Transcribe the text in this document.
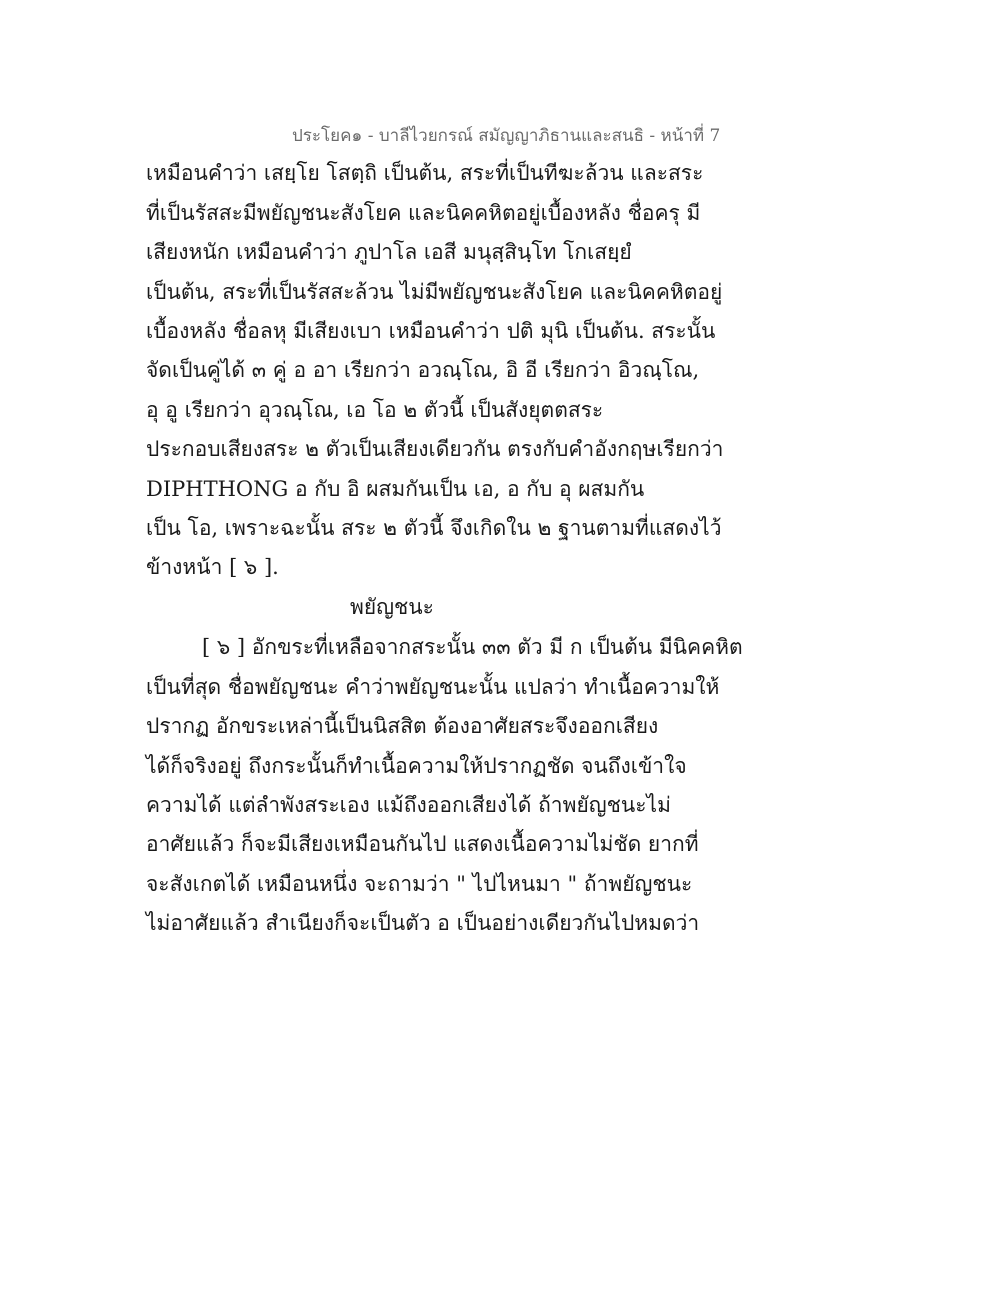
ประโยค๑ - บาลีไวยกรณ์ สมัญญาภิธานและสนธิ - หน้าที่ 7
เหมือนคำว่า เสยฺโย โสตฺถิ เป็นต้น, สระที่เป็นทีฆะล้วน และสระ
ที่เป็นรัสสะมีพยัญชนะสังโยค และนิคคหิตอยู่เบื้องหลัง ชื่อครุ มี
เสียงหนัก เหมือนคำว่า ภูปาโล เอสี มนุสฺสินฺโท โกเสยฺยํ
เป็นต้น, สระที่เป็นรัสสะล้วน ไม่มีพยัญชนะสังโยค และนิคคหิตอยู่
เบื้องหลัง ชื่อลหุ มีเสียงเบา เหมือนคำว่า ปติ มุนิ เป็นต้น. สระนั้น
จัดเป็นคู่ได้ ๓ คู่ อ อา เรียกว่า อวณฺโณ, อิ อี เรียกว่า อิวณฺโณ,
อุ อู เรียกว่า อุวณฺโณ, เอ โอ ๒ ตัวนี้ เป็นสังยุตตสระ
ประกอบเสียงสระ ๒ ตัวเป็นเสียงเดียวกัน ตรงกับคำอังกฤษเรียกว่า
DIPHTHONG อ กับ อิ ผสมกันเป็น เอ, อ กับ อุ ผสมกัน
เป็น โอ, เพราะฉะนั้น สระ ๒ ตัวนี้ จึงเกิดใน ๒ ฐานตามที่แสดงไว้
ข้างหน้า [ ๖ ].
พยัญชนะ
[ ๖ ] อักขระที่เหลือจากสระนั้น ๓๓ ตัว มี ก เป็นต้น มีนิคคหิต
เป็นที่สุด ชื่อพยัญชนะ คำว่าพยัญชนะนั้น แปลว่า ทำเนื้อความให้
ปรากฏ อักขระเหล่านี้เป็นนิสสิต ต้องอาศัยสระจึงออกเสียง
ได้ก็จริงอยู่ ถึงกระนั้นก็ทำเนื้อความให้ปรากฏชัด จนถึงเข้าใจ
ความได้ แต่ลำพังสระเอง แม้ถึงออกเสียงได้ ถ้าพยัญชนะไม่
อาศัยแล้ว ก็จะมีเสียงเหมือนกันไป แสดงเนื้อความไม่ชัด ยากที่
จะสังเกตได้ เหมือนหนึ่ง จะถามว่า " ไปไหนมา " ถ้าพยัญชนะ
ไม่อาศัยแล้ว สำเนียงก็จะเป็นตัว อ เป็นอย่างเดียวกันไปหมดว่า
